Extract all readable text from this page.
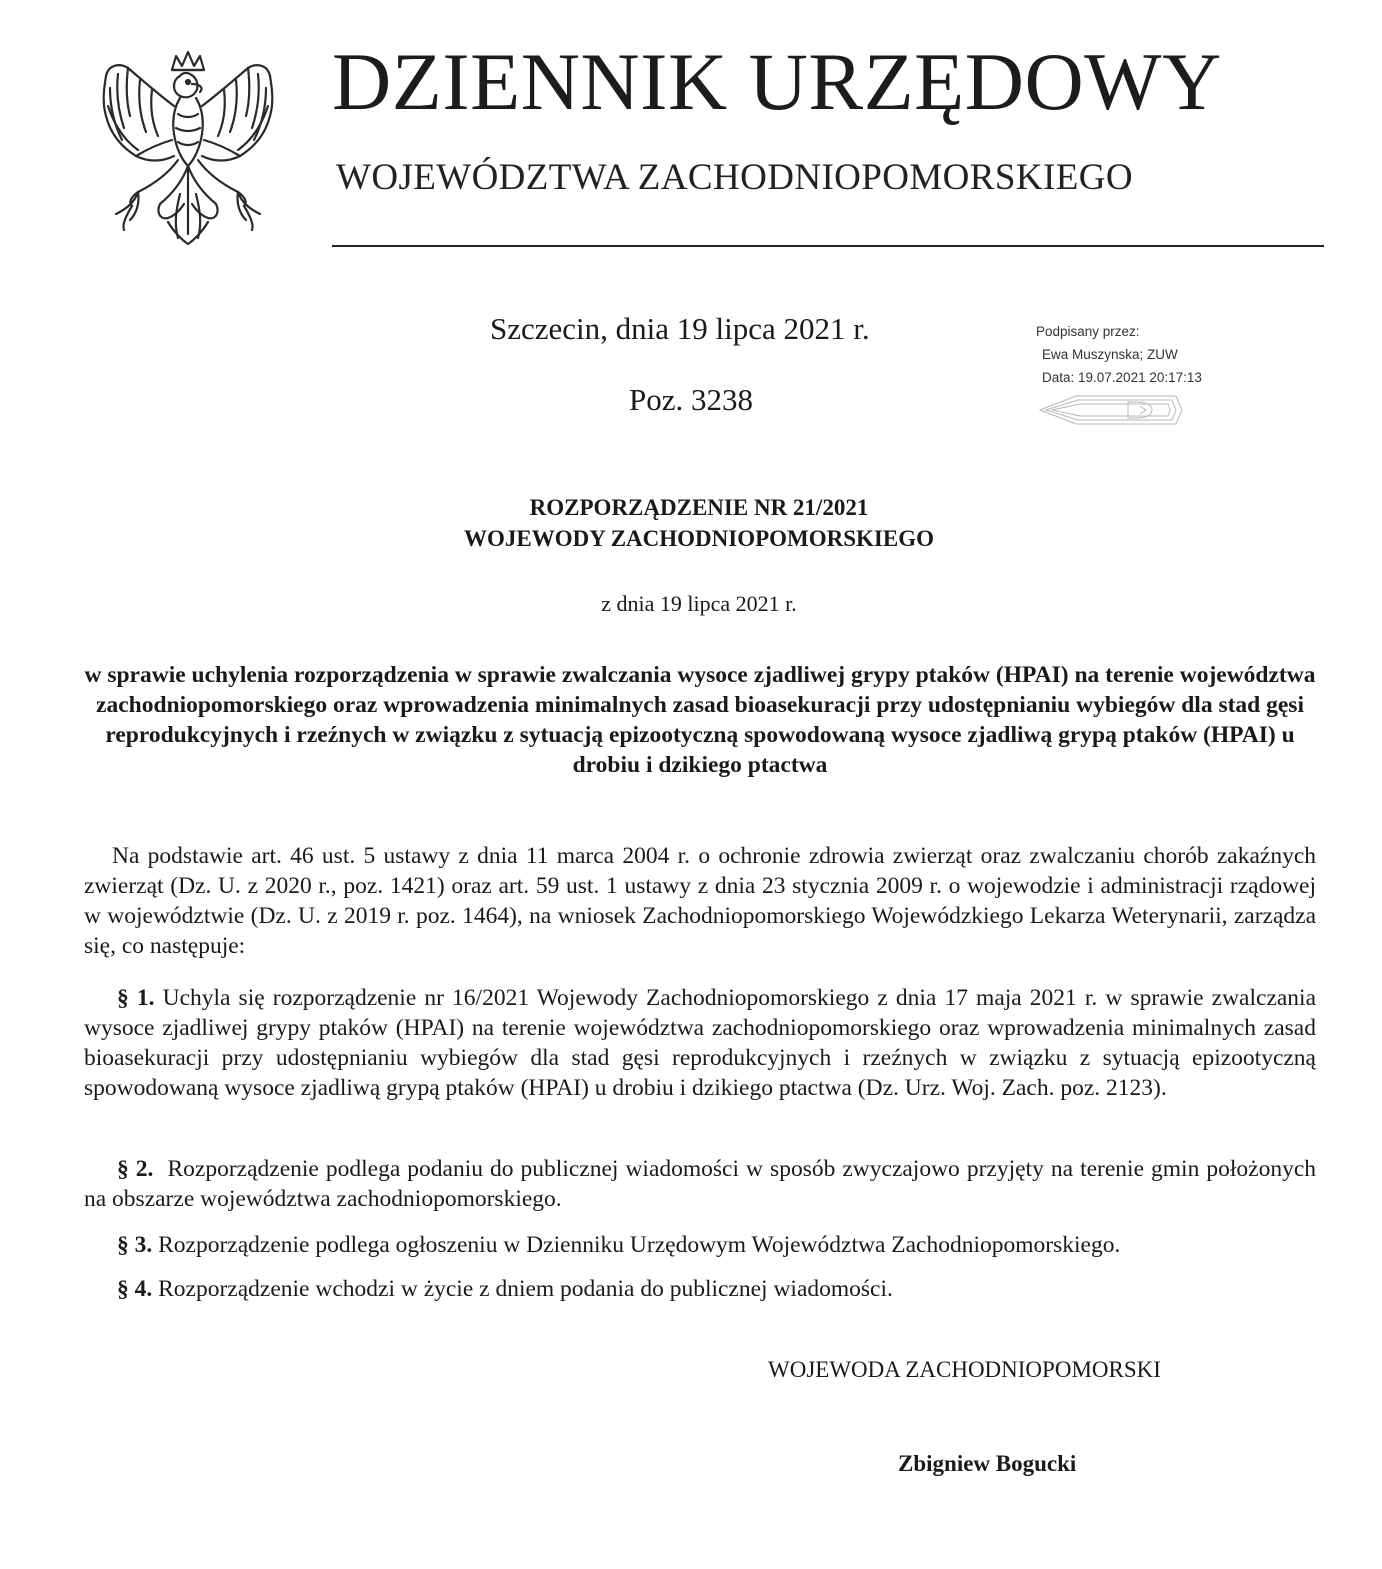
DZIENNIK URZĘDOWY
WOJEWÓDZTWA ZACHODNIOPOMORSKIEGO
Szczecin, dnia 19 lipca 2021 r.
Poz. 3238
Podpisany przez:
Ewa Muszynska; ZUW
Data: 19.07.2021 20:17:13
ROZPORZĄDZENIE NR 21/2021
WOJEWODY ZACHODNIOPOMORSKIEGO
z dnia 19 lipca 2021 r.
w sprawie uchylenia rozporządzenia w sprawie zwalczania wysoce zjadliwej grypy ptaków (HPAI) na terenie województwa zachodniopomorskiego oraz wprowadzenia minimalnych zasad bioasekuracji przy udostępnianiu wybiegów dla stad gęsi reprodukcyjnych i rzeźnych w związku z sytuacją epizootyczną spowodowaną wysoce zjadliwą grypą ptaków (HPAI) u drobiu i dzikiego ptactwa
Na podstawie art. 46 ust. 5 ustawy z dnia 11 marca 2004 r. o ochronie zdrowia zwierząt oraz zwalczaniu chorób zakaźnych zwierząt (Dz. U. z 2020 r., poz. 1421) oraz art. 59 ust. 1 ustawy z dnia 23 stycznia 2009 r. o wojewodzie i administracji rządowej w województwie (Dz. U. z 2019 r. poz. 1464), na wniosek Zachodniopomorskiego Wojewódzkiego Lekarza Weterynarii, zarządza się, co następuje:
§ 1. Uchyla się rozporządzenie nr 16/2021 Wojewody Zachodniopomorskiego z dnia 17 maja 2021 r. w sprawie zwalczania wysoce zjadliwej grypy ptaków (HPAI) na terenie województwa zachodniopomorskiego oraz wprowadzenia minimalnych zasad bioasekuracji przy udostępnianiu wybiegów dla stad gęsi reprodukcyjnych i rzeźnych w związku z sytuacją epizootyczną spowodowaną wysoce zjadliwą grypą ptaków (HPAI) u drobiu i dzikiego ptactwa (Dz. Urz. Woj. Zach. poz. 2123).
§ 2. Rozporządzenie podlega podaniu do publicznej wiadomości w sposób zwyczajowo przyjęty na terenie gmin położonych na obszarze województwa zachodniopomorskiego.
§ 3. Rozporządzenie podlega ogłoszeniu w Dzienniku Urzędowym Województwa Zachodniopomorskiego.
§ 4. Rozporządzenie wchodzi w życie z dniem podania do publicznej wiadomości.
WOJEWODA ZACHODNIOPOMORSKI
Zbigniew Bogucki
